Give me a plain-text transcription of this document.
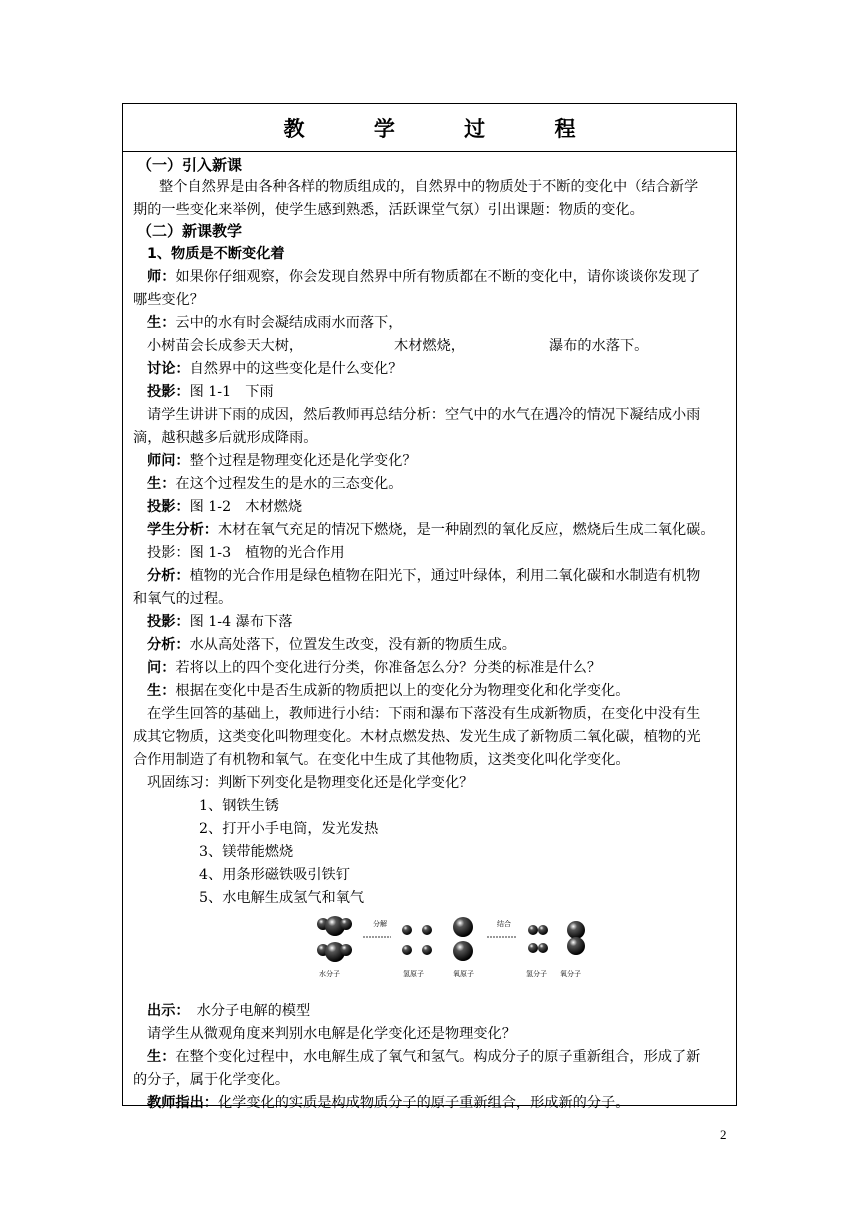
教 学 过 程
（一）引入新课
整个自然界是由各种各样的物质组成的，自然界中的物质处于不断的变化中（结合新学
期的一些变化来举例，使学生感到熟悉，活跃课堂气氛）引出课题：物质的变化。
（二）新课教学
1、物质是不断变化着
师：如果你仔细观察，你会发现自然界中所有物质都在不断的变化中，请你谈谈你发现了
哪些变化？
生：云中的水有时会凝结成雨水而落下，
小树苗会长成参天大树，	木材燃烧，	瀑布的水落下。
讨论：自然界中的这些变化是什么变化？
投影：图 1-1　下雨
请学生讲讲下雨的成因，然后教师再总结分析：空气中的水气在遇冷的情况下凝结成小雨
滴，越积越多后就形成降雨。
师问：整个过程是物理变化还是化学变化？
生：在这个过程发生的是水的三态变化。
投影：图 1-2　木材燃烧
学生分析：木材在氧气充足的情况下燃烧，是一种剧烈的氧化反应，燃烧后生成二氧化碳。
投影：图 1-3　植物的光合作用
分析：植物的光合作用是绿色植物在阳光下，通过叶绿体，利用二氧化碳和水制造有机物
和氧气的过程。
投影：图 1-4 瀑布下落
分析：水从高处落下，位置发生改变，没有新的物质生成。
问：若将以上的四个变化进行分类，你准备怎么分？分类的标准是什么？
生：根据在变化中是否生成新的物质把以上的变化分为物理变化和化学变化。
在学生回答的基础上，教师进行小结：下雨和瀑布下落没有生成新物质，在变化中没有生
成其它物质，这类变化叫物理变化。木材点燃发热、发光生成了新物质二氧化碳，植物的光
合作用制造了有机物和氧气。在变化中生成了其他物质，这类变化叫化学变化。
巩固练习：判断下列变化是物理变化还是化学变化？
1、钢铁生锈
2、打开小手电筒，发光发热
3、镁带能燃烧
4、用条形磁铁吸引铁钉
5、水电解生成氢气和氧气
出示：　水分子电解的模型
请学生从微观角度来判别水电解是化学变化还是物理变化？
生：在整个变化过程中，水电解生成了氧气和氢气。构成分子的原子重新组合，形成了新
的分子，属于化学变化。
教师指出：化学变化的实质是构成物质分子的原子重新组合，形成新的分子。
分解	结合
水分子	氢原子	氧原子	氢分子 氧分子
2
